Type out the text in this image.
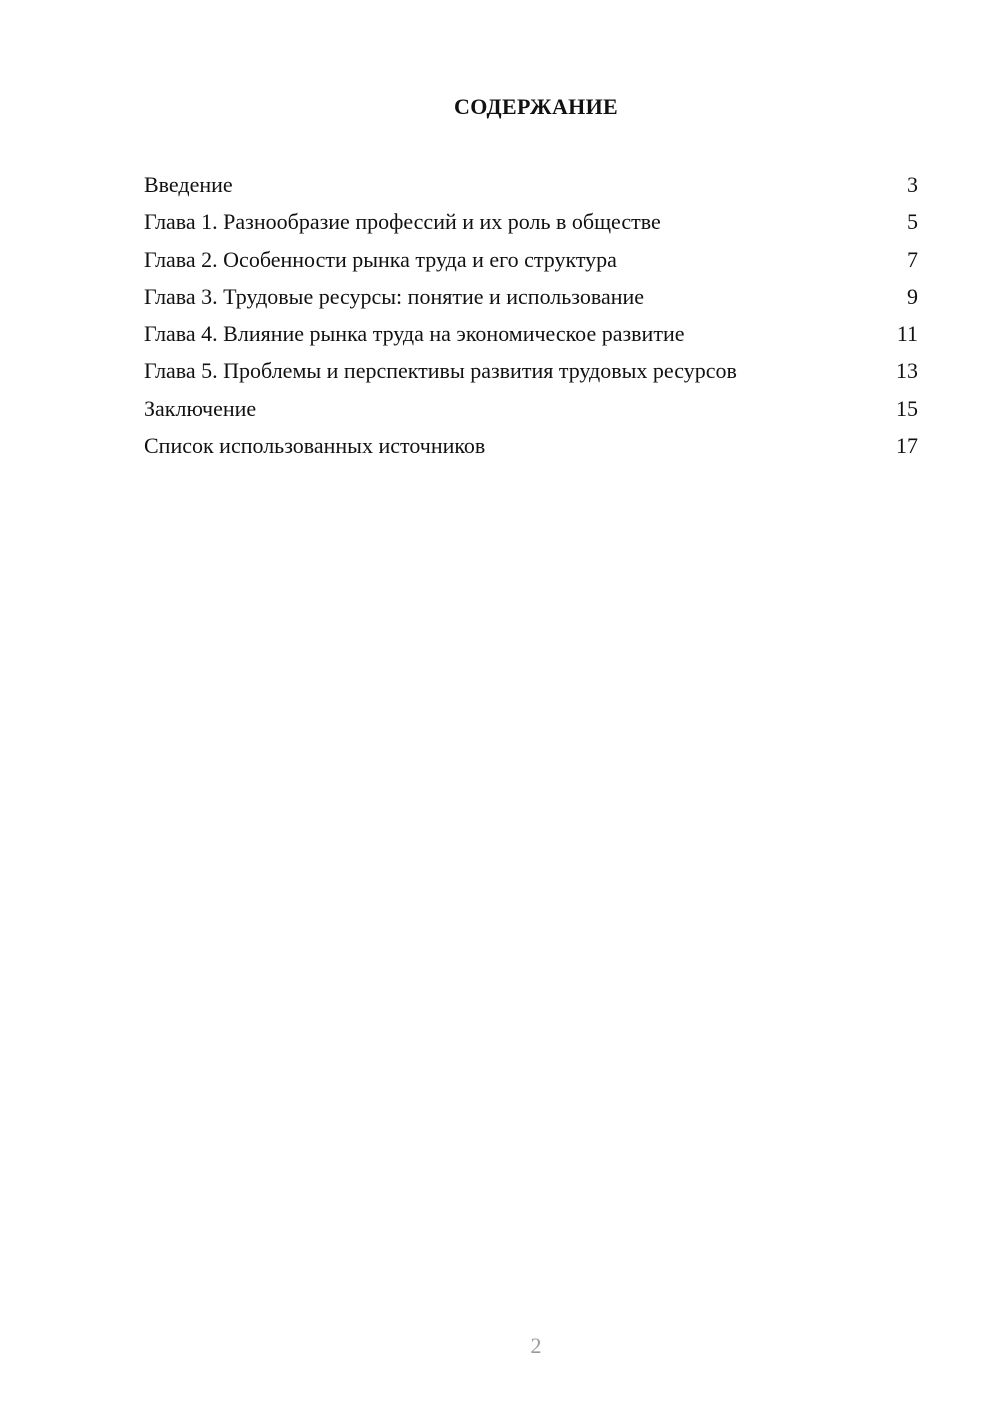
СОДЕРЖАНИЕ
Введение	3
Глава 1. Разнообразие профессий и их роль в обществе	5
Глава 2. Особенности рынка труда и его структура	7
Глава 3. Трудовые ресурсы: понятие и использование	9
Глава 4. Влияние рынка труда на экономическое развитие	11
Глава 5. Проблемы и перспективы развития трудовых ресурсов	13
Заключение	15
Список использованных источников	17
2
